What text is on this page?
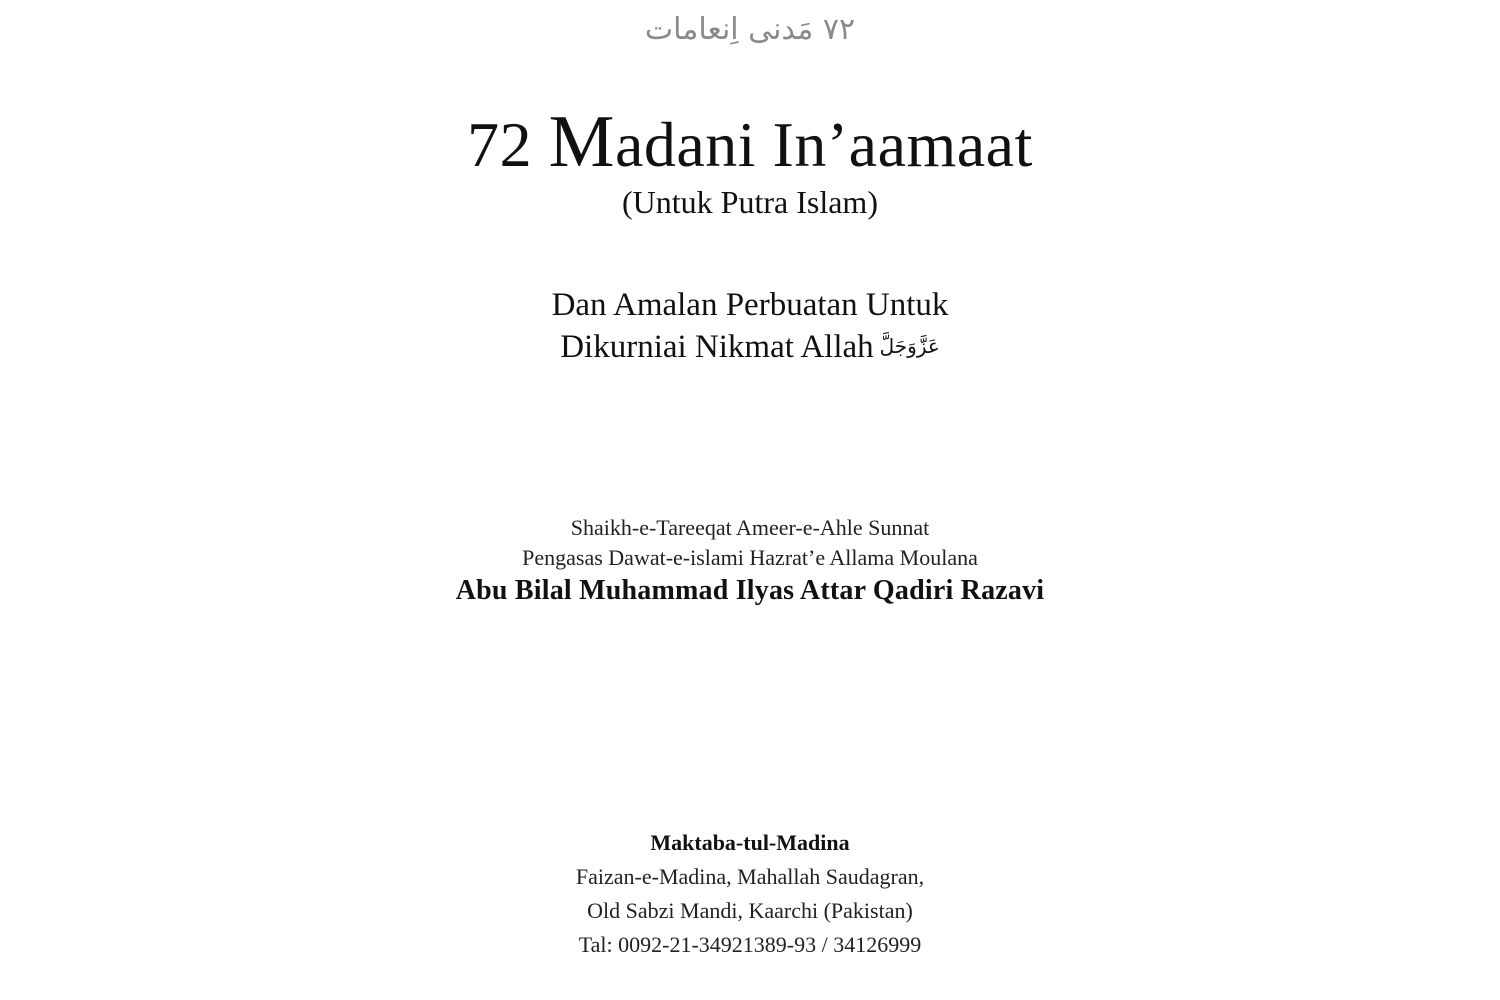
۷۲ مَدنی اِنعامات
72 Madani In’aamaat
(Untuk Putra Islam)
Dan Amalan Perbuatan Untuk
Dikurniai Nikmat Allah عَزَّوَجَلَّ
Shaikh-e-Tareeqat Ameer-e-Ahle Sunnat
Pengasas Dawat-e-islami Hazrat’e Allama Moulana
Abu Bilal Muhammad Ilyas Attar Qadiri Razavi
Maktaba-tul-Madina
Faizan-e-Madina, Mahallah Saudagran,
Old Sabzi Mandi, Kaarchi (Pakistan)
Tal: 0092-21-34921389-93 / 34126999
